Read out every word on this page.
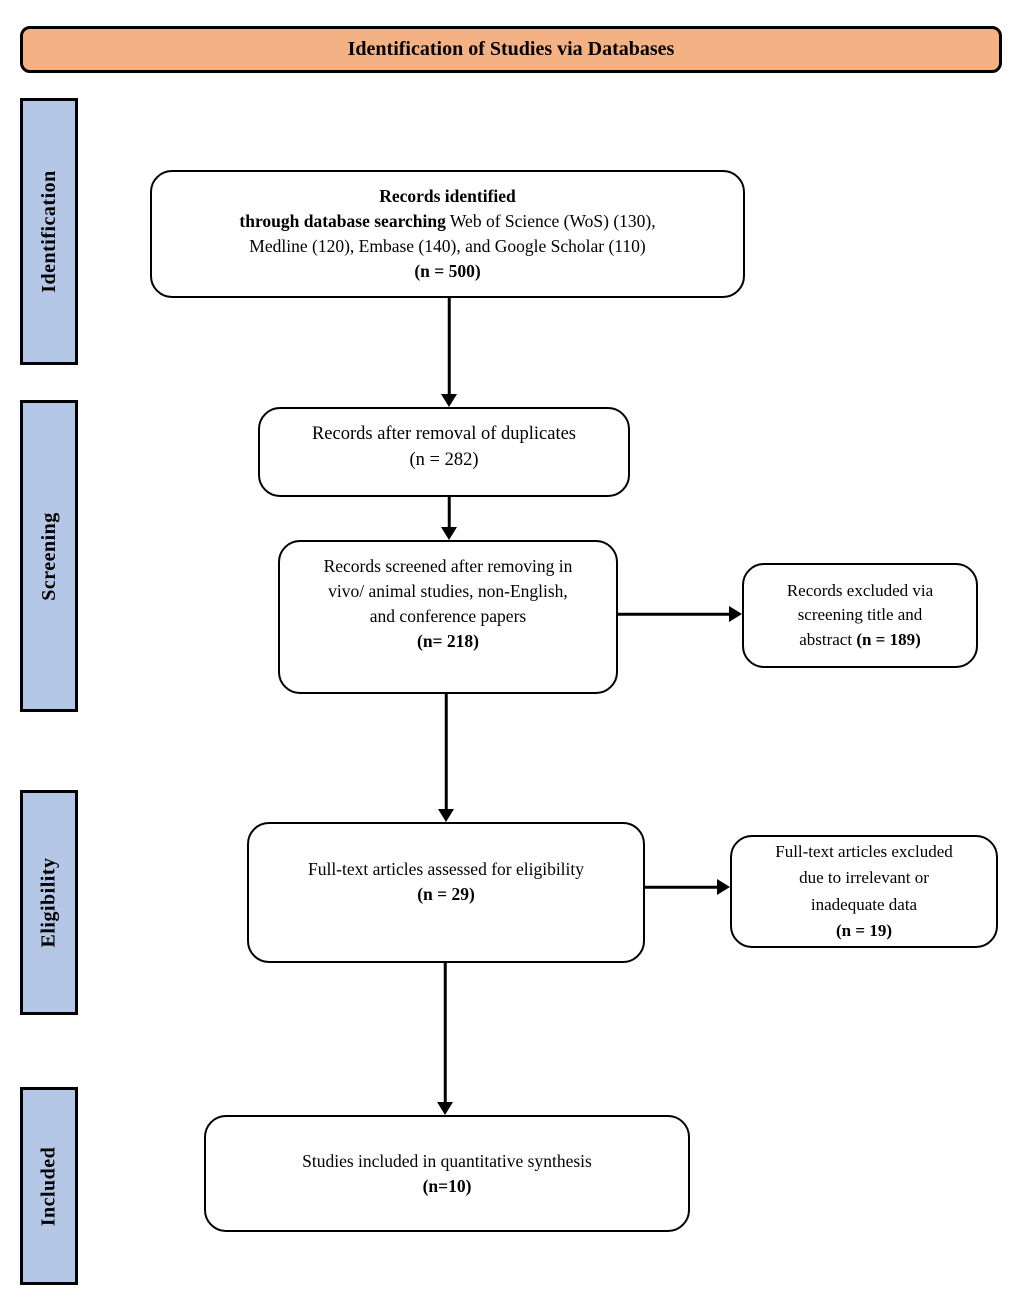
Identification of Studies via Databases
Identification
Screening
Eligibility
Included
Records identified
through database searching Web of Science (WoS) (130),
Medline (120), Embase (140), and Google Scholar (110)
(n = 500)
Records after removal of duplicates
(n = 282)
Records screened after removing in
vivo/ animal studies, non-English,
and conference papers
(n= 218)
Records excluded via
screening title and
abstract (n = 189)
Full-text articles assessed for eligibility
(n = 29)
Full-text articles excluded
due to irrelevant or
inadequate data
(n = 19)
Studies included in quantitative synthesis
(n=10)
